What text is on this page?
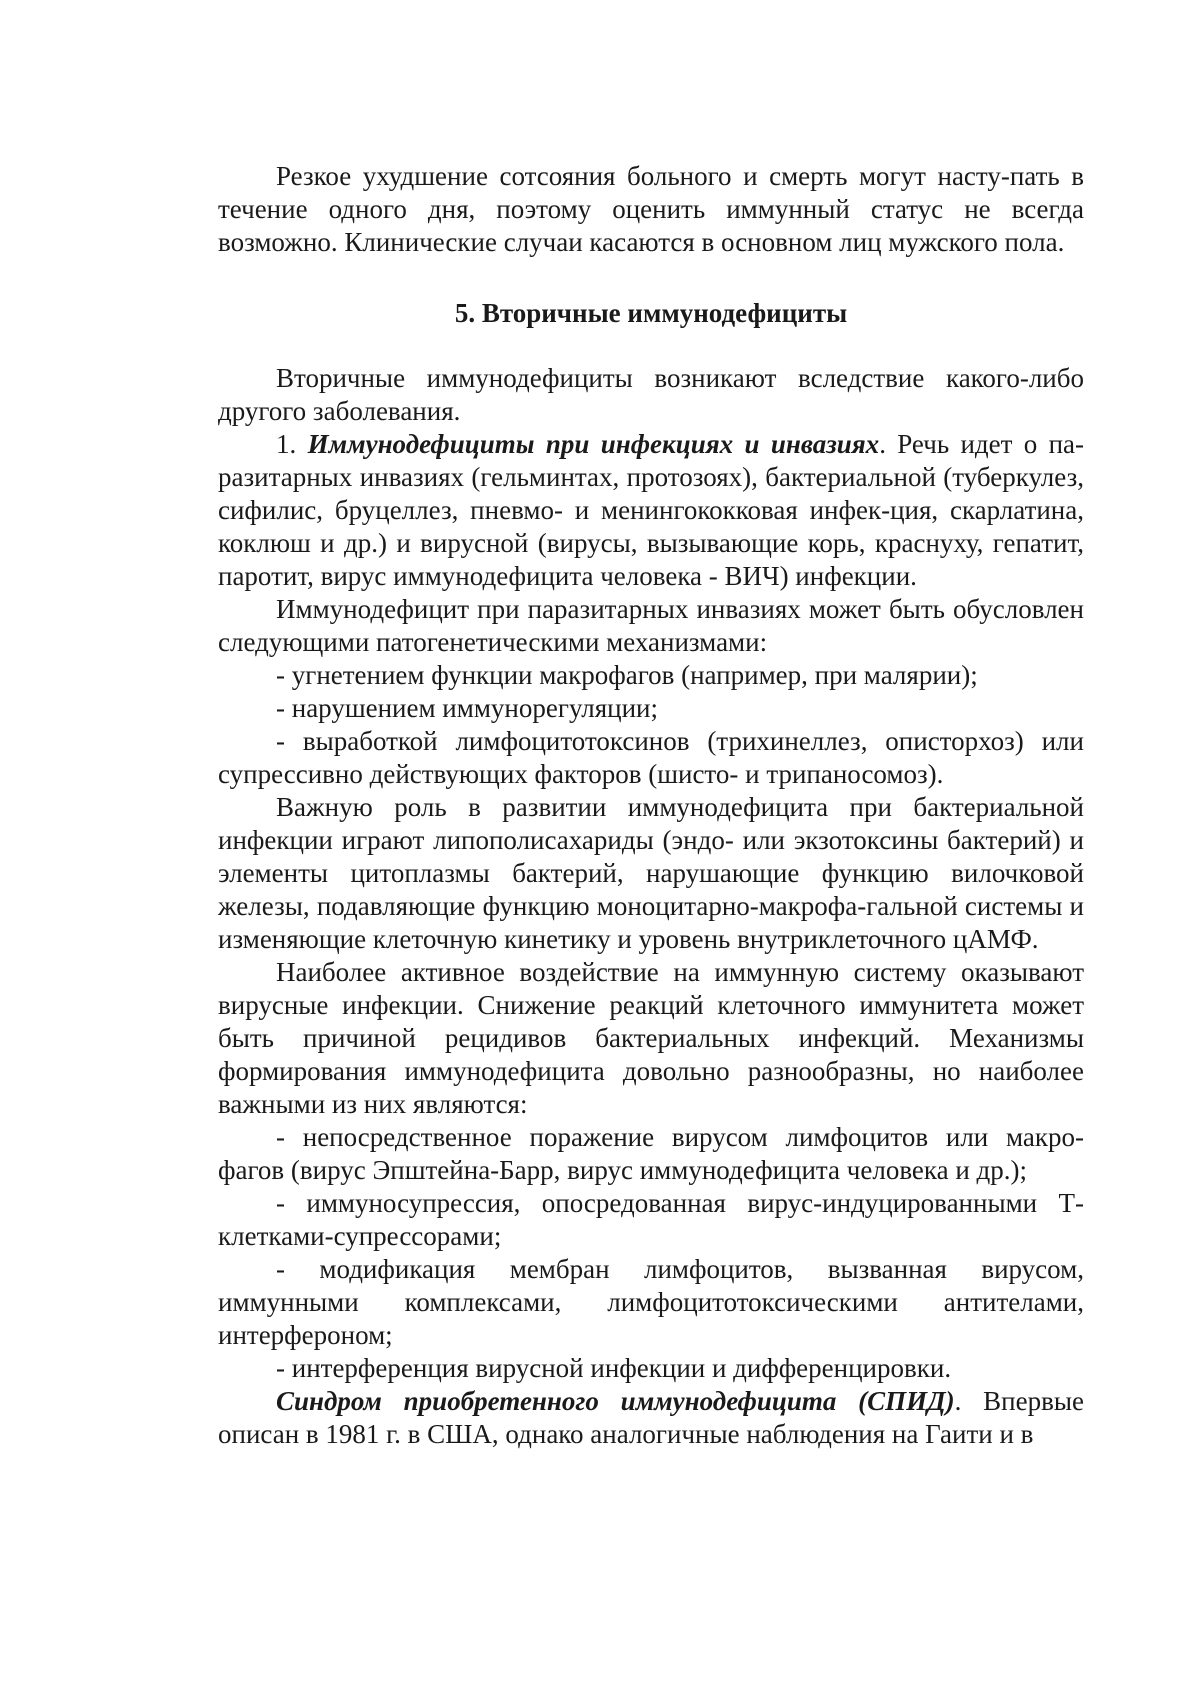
Резкое ухудшение сотсояния больного и смерть могут насту-пать в течение одного дня, поэтому оценить иммунный статус не всегда возможно. Клинические случаи касаются в основном лиц мужского пола.

5. Вторичные иммунодефициты

Вторичные иммунодефициты возникают вследствие какого-либо другого заболевания.

1. Иммунодефициты при инфекциях и инвазиях. Речь идет о па-разитарных инвазиях (гельминтах, протозоях), бактериальной (туберкулез, сифилис, бруцеллез, пневмо- и менингококковая инфек-ция, скарлатина, коклюш и др.) и вирусной (вирусы, вызывающие корь, краснуху, гепатит, паротит, вирус иммунодефицита человека - ВИЧ) инфекции.

Иммунодефицит при паразитарных инвазиях может быть обусловлен следующими патогенетическими механизмами:

- угнетением функции макрофагов (например, при малярии);

- нарушением иммунорегуляции;

- выработкой лимфоцитотоксинов (трихинеллез, описторхоз) или супрессивно действующих факторов (шисто- и трипаносомоз).

Важную роль в развитии иммунодефицита при бактериальной инфекции играют липополисахариды (эндо- или экзотоксины бактерий) и элементы цитоплазмы бактерий, нарушающие функцию вилочковой железы, подавляющие функцию моноцитарно-макрофа-гальной системы и изменяющие клеточную кинетику и уровень внутриклеточного цАМФ.

Наиболее активное воздействие на иммунную систему оказывают вирусные инфекции. Снижение реакций клеточного иммунитета может быть причиной рецидивов бактериальных инфекций. Механизмы формирования иммунодефицита довольно разнообразны, но наиболее важными из них являются:

- непосредственное поражение вирусом лимфоцитов или макро-фагов (вирус Эпштейна-Барр, вирус иммунодефицита человека и др.);

- иммуносупрессия, опосредованная вирус-индуцированными Т-клетками-супрессорами;

- модификация мембран лимфоцитов, вызванная вирусом, иммунными комплексами, лимфоцитотоксическими антителами, интерфероном;

- интерференция вирусной инфекции и дифференцировки.

Синдром приобретенного иммунодефицита (СПИД). Впервые описан в 1981 г. в США, однако аналогичные наблюдения на Гаити и в
